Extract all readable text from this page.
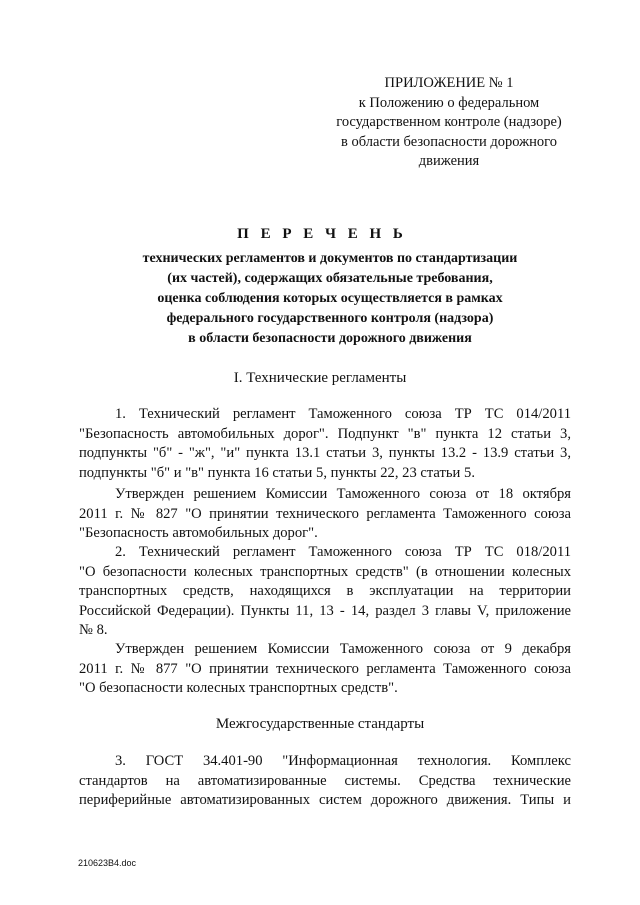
ПРИЛОЖЕНИЕ № 1
к Положению о федеральном
государственном контроле (надзоре)
в области безопасности дорожного
движения
П Е Р Е Ч Е Н Ь
технических регламентов и документов по стандартизации
(их частей), содержащих обязательные требования,
оценка соблюдения которых осуществляется в рамках
федерального государственного контроля (надзора)
в области безопасности дорожного движения
I. Технические регламенты
1. Технический регламент Таможенного союза ТР ТС 014/2011
"Безопасность автомобильных дорог". Подпункт "в" пункта 12 статьи 3,
подпункты "б" - "ж", "и" пункта 13.1 статьи 3, пункты 13.2 - 13.9 статьи 3,
подпункты "б" и "в" пункта 16 статьи 5, пункты 22, 23 статьи 5.
Утвержден решением Комиссии Таможенного союза от 18 октября
2011 г. № 827 "О принятии технического регламента Таможенного союза
"Безопасность автомобильных дорог".
2. Технический регламент Таможенного союза ТР ТС 018/2011
"О безопасности колесных транспортных средств" (в отношении колесных
транспортных средств, находящихся в эксплуатации на территории
Российской Федерации). Пункты 11, 13 - 14, раздел 3 главы V, приложение
№ 8.
Утвержден решением Комиссии Таможенного союза от 9 декабря
2011 г. № 877 "О принятии технического регламента Таможенного союза
"О безопасности колесных транспортных средств".
Межгосударственные стандарты
3. ГОСТ 34.401-90 "Информационная технология. Комплекс
стандартов на автоматизированные системы. Средства технические
периферийные автоматизированных систем дорожного движения. Типы и
210623В4.doc
